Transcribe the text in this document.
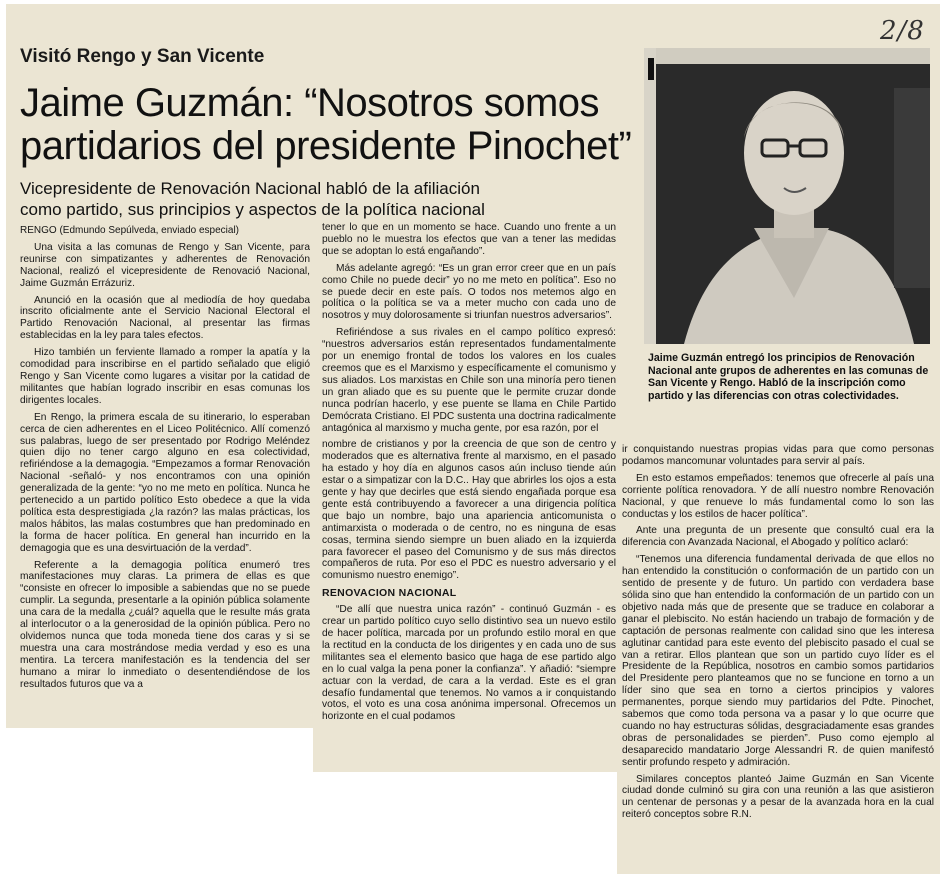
2/8
Visitó Rengo y San Vicente
Jaime Guzmán: “Nosotros somos
partidarios del presidente Pinochet”
Vicepresidente de Renovación Nacional habló de la afiliación
como partido, sus principios y aspectos de la política nacional

RENGO (Edmundo Sepúlveda, enviado especial)

Una visita a las comunas de Rengo y San Vicente, para reunirse con simpatizantes y adherentes de Renovación Nacional, realizó el vicepresidente de Renovació Nacional, Jaime Guzmán Errázuriz.

Anunció en la ocasión que al mediodía de hoy quedaba inscrito oficialmente ante el Servicio Nacional Electoral el Partido Renovación Nacional, al presentar las firmas establecidas en la ley para tales efectos.

Hizo también un ferviente llamado a romper la apatía y la comodidad para inscribirse en el partido señalado que eligió Rengo y San Vicente como lugares a visitar por la catidad de militantes que habían logrado inscribir en esas comunas los dirigentes locales.

En Rengo, la primera escala de su itinerario, lo esperaban cerca de cien adherentes en el Liceo Politécnico. Allí comenzó sus palabras, luego de ser presentado por Rodrigo Meléndez quien dijo no tener cargo alguno en esa colectividad, refiriéndose a la demagogia. “Empezamos a formar Renovación Nacional -señaló- y nos encontramos con una opinión generalizada de la gente: “yo no me meto en política. Nunca he pertenecido a un partido político Esto obedece a que la vida política esta desprestigiada ¿la razón? las malas prácticas, los malos hábitos, las malas costumbres que han predominado en la forma de hacer política. En general han incurrido en la demagogia que es una desvirtuación de la verdad”.

Referente a la demagogia política enumeró tres manifestaciones muy claras. La primera de ellas es que “consiste en ofrecer lo imposible a sabiendas que no se puede cumplir. La segunda, presentarle a la opinión pública solamente una cara de la medalla ¿cuál? aquella que le resulte más grata al interlocutor o a la generosidad de la opinión pública. Pero no olvidemos nunca que toda moneda tiene dos caras y si se muestra una cara mostrándose media verdad y eso es una mentira. La tercera manifestación es la tendencia del ser humano a mirar lo inmediato o desentendiéndose de los resultados futuros que va a

tener lo que en un momento se hace. Cuando uno frente a un pueblo no le muestra los efectos que van a tener las medidas que se adoptan lo está engañando”.

Más adelante agregó: “Es un gran error creer que en un país como Chile no puede decir” yo no me meto en política”. Eso no se puede decir en este país. O todos nos metemos algo en política o la política se va a meter mucho con cada uno de nosotros y muy dolorosamente si triunfan nuestros adversarios”.

Refiriéndose a sus rivales en el campo político expresó: “nuestros adversarios están representados fundamentalmente por un enemigo frontal de todos los valores en los cuales creemos que es el Marxismo y específicamente el comunismo y sus aliados. Los marxistas en Chile son una minoría pero tienen un gran aliado que es su puente que le permite cruzar donde nunca podrían hacerlo, y ese puente se llama en Chile Partido Demócrata Cristiano. El PDC sustenta una doctrina radicalmente antagónica al marxismo y mucha gente, por esa razón, por el

nombre de cristianos y por la creencia de que son de centro y moderados que es alternativa frente al marxismo, en el pasado ha estado y hoy día en algunos casos aún incluso tiende aún estar o a simpatizar con la D.C.. Hay que abrirles los ojos a esta gente y hay que decirles que está siendo engañada porque esa gente está contribuyendo a favorecer a una dirigencia política que bajo un nombre, bajo una apariencia anticomunista o antimarxista o moderada o de centro, no es ninguna de esas cosas, termina siendo siempre un buen aliado en la izquierda para favorecer el paseo del Comunismo y de sus más directos compañeros de ruta. Por eso el PDC es nuestro adversario y el comunismo nuestro enemigo”.

RENOVACION NACIONAL

“De allí que nuestra unica razón” - continuó Guzmán - es crear un partido político cuyo sello distintivo sea un nuevo estilo de hacer política, marcada por un profundo estilo moral en que la rectitud en la conducta de los dirigentes y en cada uno de sus militantes sea el elemento basico que haga de ese partido algo en lo cual valga la pena poner la confianza”. Y añadió: “siempre actuar con la verdad, de cara a la verdad. Este es el gran desafío fundamental que tenemos. No vamos a ir conquistando votos, el voto es una cosa anónima impersonal. Ofrecemos un horizonte en el cual podamos

Jaime Guzmán entregó los principios de Renovación Nacional ante grupos de adherentes en las comunas de San Vicente y Rengo. Habló de la inscripción como partido y las diferencias con otras colectividades.

ir conquistando nuestras propias vidas para que como personas podamos mancomunar voluntades para servir al país.

En esto estamos empeñados: tenemos que ofrecerle al país una corriente política renovadora. Y de allí nuestro nombre Renovación Nacional, y que renueve lo más fundamental como lo son las conductas y los estilos de hacer política”.

Ante una pregunta de un presente que consultó cual era la diferencia con Avanzada Nacional, el Abogado y político aclaró:

“Tenemos una diferencia fundamental derivada de que ellos no han entendido la constitución o conformación de un partido con un sentido de presente y de futuro. Un partido con verdadera base sólida sino que han entendido la conformación de un partido con un objetivo nada más que de presente que se traduce en colaborar a ganar el plebiscito. No están haciendo un trabajo de formación y de captación de personas realmente con calidad sino que les interesa aglutinar cantidad para este evento del plebiscito pasado el cual se van a retirar. Ellos plantean que son un partido cuyo líder es el Presidente de la República, nosotros en cambio somos partidarios del Presidente pero planteamos que no se funcione en torno a un líder sino que sea en torno a ciertos principios y valores permanentes, porque siendo muy partidarios del Pdte. Pinochet, sabemos que como toda persona va a pasar y lo que ocurre que cuando no hay estructuras sólidas, desgraciadamente esas grandes obras de personalidades se pierden”. Puso como ejemplo al desaparecido mandatario Jorge Alessandri R. de quien manifestó sentir profundo respeto y admiración.

Similares conceptos planteó Jaime Guzmán en San Vicente ciudad donde culminó su gira con una reunión a las que asistieron un centenar de personas y a pesar de la avanzada hora en la cual reiteró conceptos sobre R.N.
